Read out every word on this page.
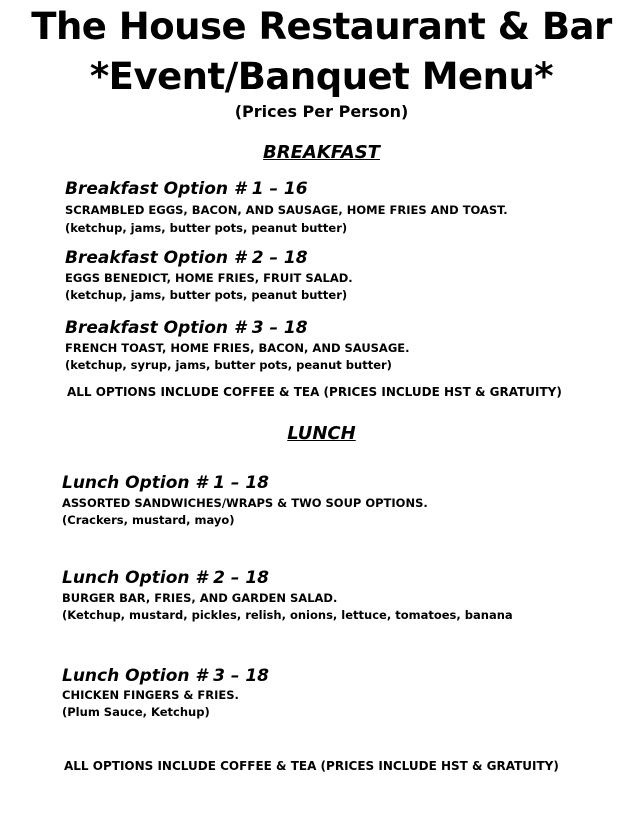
The House Restaurant & Bar
*Event/Banquet Menu*
(Prices Per Person)
BREAKFAST
Breakfast Option # 1 – 16
SCRAMBLED EGGS, BACON, AND SAUSAGE, HOME FRIES AND TOAST.
(ketchup, jams, butter pots, peanut butter)
Breakfast Option # 2 – 18
EGGS BENEDICT, HOME FRIES, FRUIT SALAD.
(ketchup, jams, butter pots, peanut butter)
Breakfast Option # 3 – 18
FRENCH TOAST, HOME FRIES, BACON, AND SAUSAGE.
(ketchup, syrup, jams, butter pots, peanut butter)
ALL OPTIONS INCLUDE COFFEE & TEA (PRICES INCLUDE HST & GRATUITY)
LUNCH
Lunch Option # 1 – 18
ASSORTED SANDWICHES/WRAPS & TWO SOUP OPTIONS.
(Crackers, mustard, mayo)
Lunch Option # 2 – 18
BURGER BAR, FRIES, AND GARDEN SALAD.
(Ketchup, mustard, pickles, relish, onions, lettuce, tomatoes, banana
Lunch Option # 3 – 18
CHICKEN FINGERS & FRIES.
(Plum Sauce, Ketchup)
ALL OPTIONS INCLUDE COFFEE & TEA (PRICES INCLUDE HST & GRATUITY)
